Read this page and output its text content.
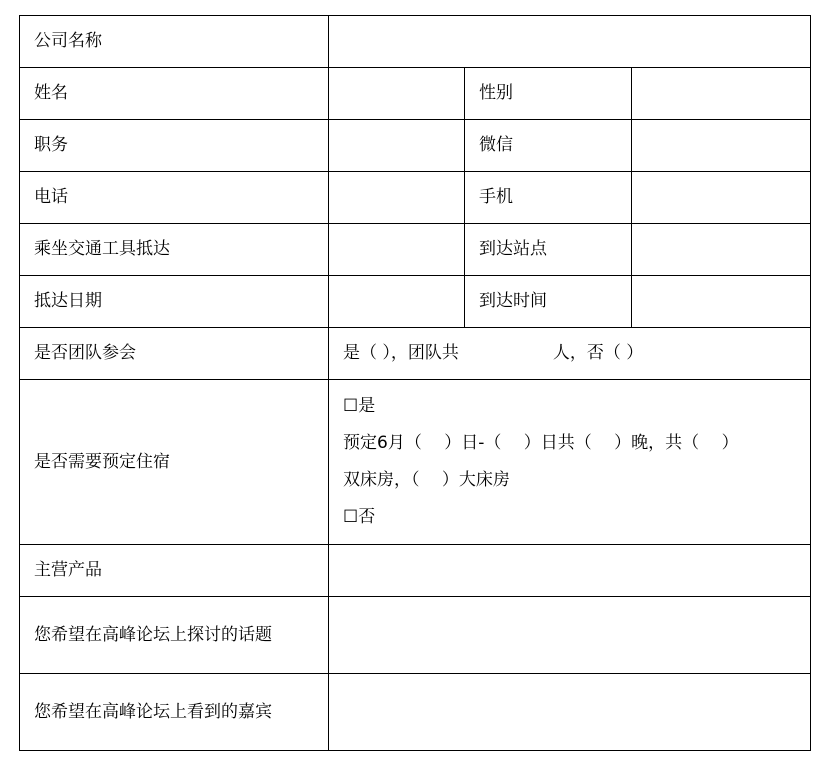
公司名称			
姓名		性别	
职务		微信	
电话		手机	
乘坐交通工具抵达		到达站点	
抵达日期		到达时间	
是否团队参会	是（ ），团队共 人，否（ ）		
是否需要预定住宿	☐是
预定6月（　 ）日-（　 ）日共（　 ）晚，共（　 ）
双床房，（　 ）大床房
☐否		

主营产品			
您希望在高峰论坛上探讨的话题			
您希望在高峰论坛上看到的嘉宾			
